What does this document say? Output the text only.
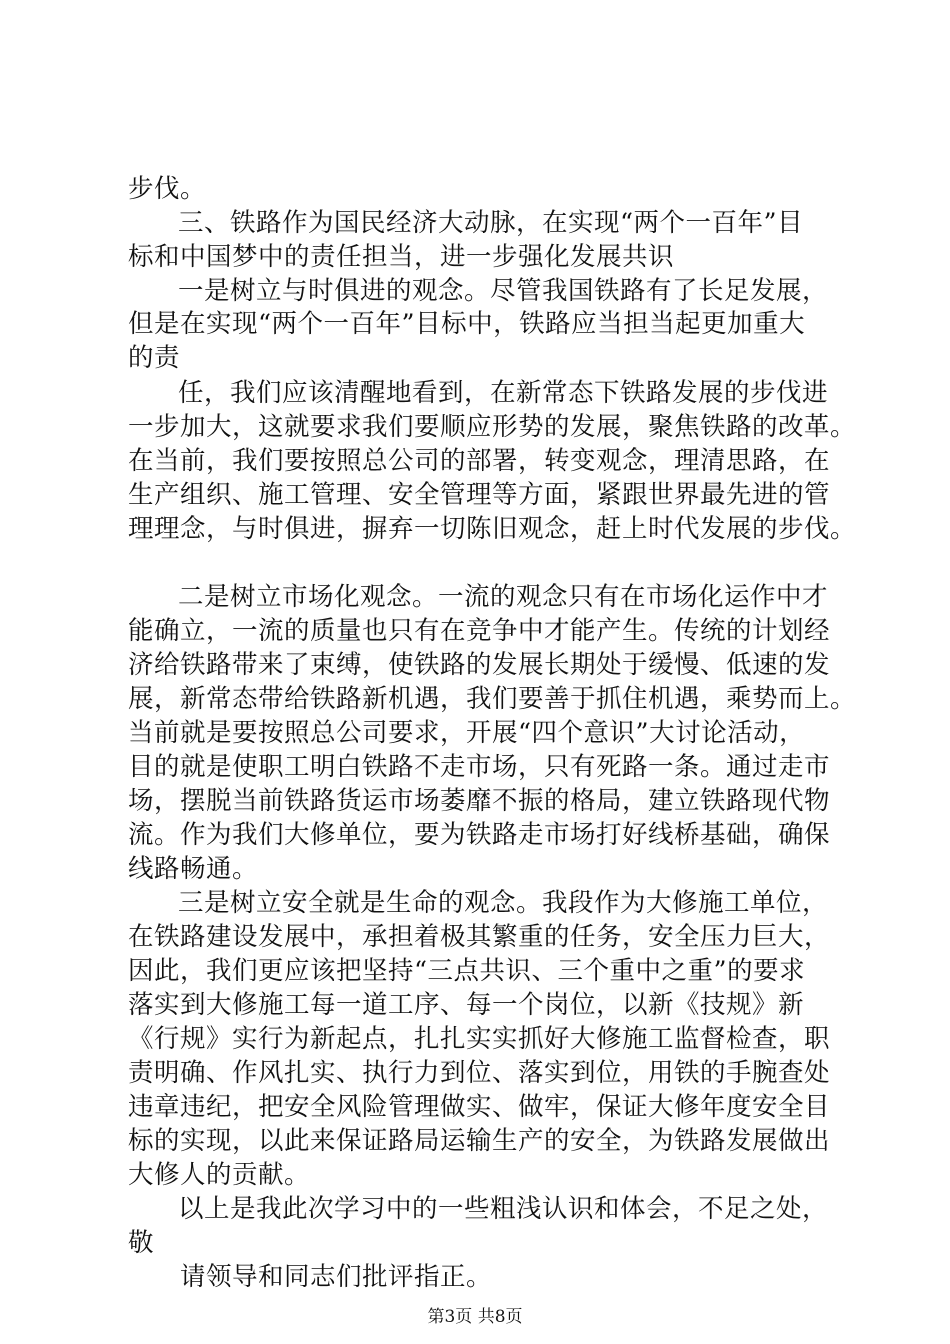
步伐。
三、铁路作为国民经济大动脉，在实现“两个一百年”目
标和中国梦中的责任担当，进一步强化发展共识
一是树立与时俱进的观念。尽管我国铁路有了长足发展，
但是在实现“两个一百年”目标中，铁路应当担当起更加重大
的责
任，我们应该清醒地看到，在新常态下铁路发展的步伐进
一步加大，这就要求我们要顺应形势的发展，聚焦铁路的改革。
在当前，我们要按照总公司的部署，转变观念，理清思路，在
生产组织、施工管理、安全管理等方面，紧跟世界最先进的管
理理念，与时俱进，摒弃一切陈旧观念，赶上时代发展的步伐。
二是树立市场化观念。一流的观念只有在市场化运作中才
能确立，一流的质量也只有在竞争中才能产生。传统的计划经
济给铁路带来了束缚，使铁路的发展长期处于缓慢、低速的发
展，新常态带给铁路新机遇，我们要善于抓住机遇，乘势而上。
当前就是要按照总公司要求，开展“四个意识”大讨论活动，
目的就是使职工明白铁路不走市场，只有死路一条。通过走市
场，摆脱当前铁路货运市场萎靡不振的格局，建立铁路现代物
流。作为我们大修单位，要为铁路走市场打好线桥基础，确保
线路畅通。
三是树立安全就是生命的观念。我段作为大修施工单位，
在铁路建设发展中，承担着极其繁重的任务，安全压力巨大，
因此，我们更应该把坚持“三点共识、三个重中之重”的要求
落实到大修施工每一道工序、每一个岗位，以新《技规》新
《行规》实行为新起点，扎扎实实抓好大修施工监督检查，职
责明确、作风扎实、执行力到位、落实到位，用铁的手腕查处
违章违纪，把安全风险管理做实、做牢，保证大修年度安全目
标的实现，以此来保证路局运输生产的安全，为铁路发展做出
大修人的贡献。
以上是我此次学习中的一些粗浅认识和体会，不足之处，
敬
请领导和同志们批评指正。
第3页 共8页
